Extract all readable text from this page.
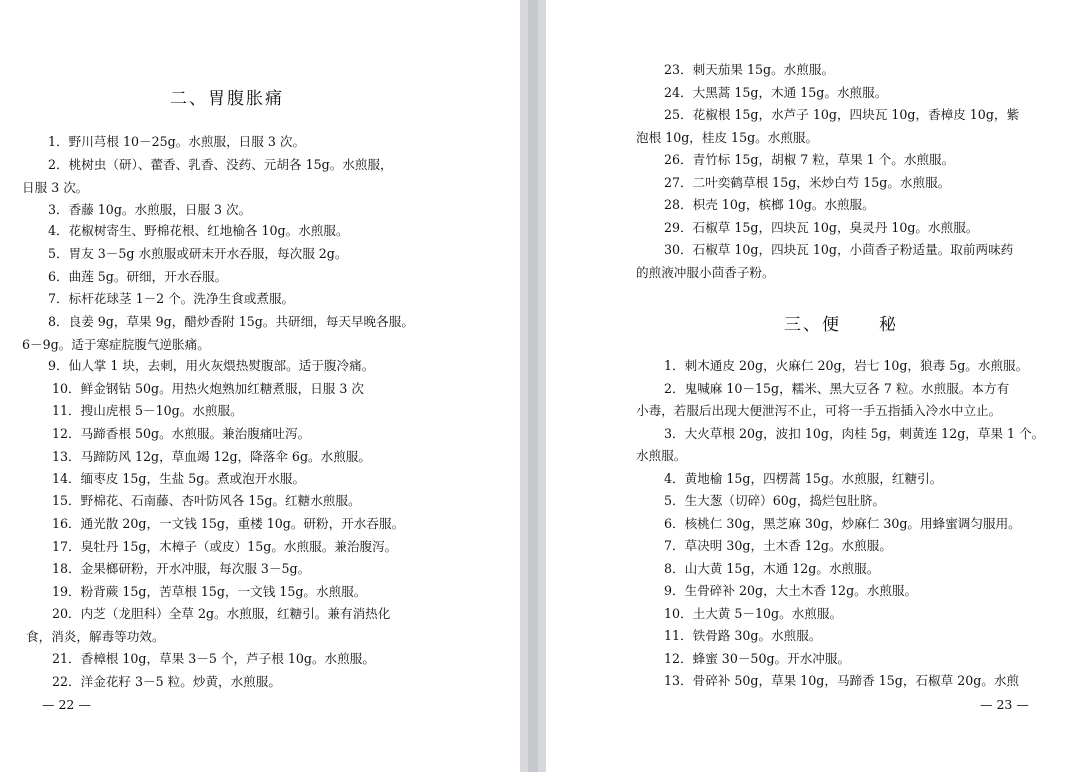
二、胃腹胀痛
1．野川芎根 10－25g。水煎服，日服 3 次。
2．桃树虫（研）、藿香、乳香、没药、元胡各 15g。水煎服，
日服 3 次。
3．香藤 10g。水煎服，日服 3 次。
4．花椒树寄生、野棉花根、红地榆各 10g。水煎服。
5．胃友 3－5g 水煎服或研末开水吞服，每次服 2g。
6．曲莲 5g。研细，开水吞服。
7．标杆花球茎 1－2 个。洗净生食或煮服。
8．良姜 9g，草果 9g，醋炒香附 15g。共研细，每天早晚各服。
6－9g。适于寒症脘腹气逆胀痛。
9．仙人掌 1 块，去刺，用火灰煨热熨腹部。适于腹冷痛。
10．鲜金钢钻 50g。用热火炮熟加红糖煮服，日服 3 次
11．搜山虎根 5－10g。水煎服。
12．马蹄香根 50g。水煎服。兼治腹痛吐泻。
13．马蹄防风 12g，草血竭 12g，降落伞 6g。水煎服。
14．缅枣皮 15g，生盐 5g。煮或泡开水服。
15．野棉花、石南藤、杏叶防风各 15g。红糖水煎服。
16．通光散 20g，一文钱 15g，重楼 10g。研粉，开水吞服。
17．臭牡丹 15g，木樟子（或皮）15g。水煎服。兼治腹泻。
18．金果榔研粉，开水冲服，每次服 3－5g。
19．粉背蕨 15g，苦草根 15g，一文钱 15g。水煎服。
20．内芝（龙胆科）全草 2g。水煎服，红糖引。兼有消热化
食，消炎，解毒等功效。
21．香樟根 10g，草果 3－5 个，芦子根 10g。水煎服。
22．洋金花籽 3－5 粒。炒黄，水煎服。
— 22 —
23．刺天茄果 15g。水煎服。
24．大黑蒿 15g，木通 15g。水煎服。
25．花椒根 15g，水芦子 10g，四块瓦 10g，香樟皮 10g，紫
泡根 10g，桂皮 15g。水煎服。
26．青竹标 15g，胡椒 7 粒，草果 1 个。水煎服。
27．二叶奕鹤草根 15g，米炒白芍 15g。水煎服。
28．枳壳 10g，槟榔 10g。水煎服。
29．石椒草 15g，四块瓦 10g，臭灵丹 10g。水煎服。
30．石椒草 10g，四块瓦 10g，小茴香子粉适量。取前两味药
的煎液冲服小茴香子粉。
三、便　　秘
1．刺木通皮 20g，火麻仁 20g，岩七 10g，狼毒 5g。水煎服。
2．鬼喊麻 10－15g，糯米、黑大豆各 7 粒。水煎服。本方有
小毒，若服后出现大便泄泻不止，可将一手五指插入冷水中立止。
3．大火草根 20g，波扣 10g，肉桂 5g，刺黄连 12g，草果 1 个。
水煎服。
4．黄地榆 15g，四楞蒿 15g。水煎服，红糖引。
5．生大葱（切碎）60g，捣烂包肚脐。
6．核桃仁 30g，黑芝麻 30g，炒麻仁 30g。用蜂蜜调匀服用。
7．草决明 30g，土木香 12g。水煎服。
8．山大黄 15g，木通 12g。水煎服。
9．生骨碎补 20g，大土木香 12g。水煎服。
10．土大黄 5－10g。水煎服。
11．铁骨路 30g。水煎服。
12．蜂蜜 30－50g。开水冲服。
13．骨碎补 50g，草果 10g，马蹄香 15g，石椒草 20g。水煎
— 23 —
